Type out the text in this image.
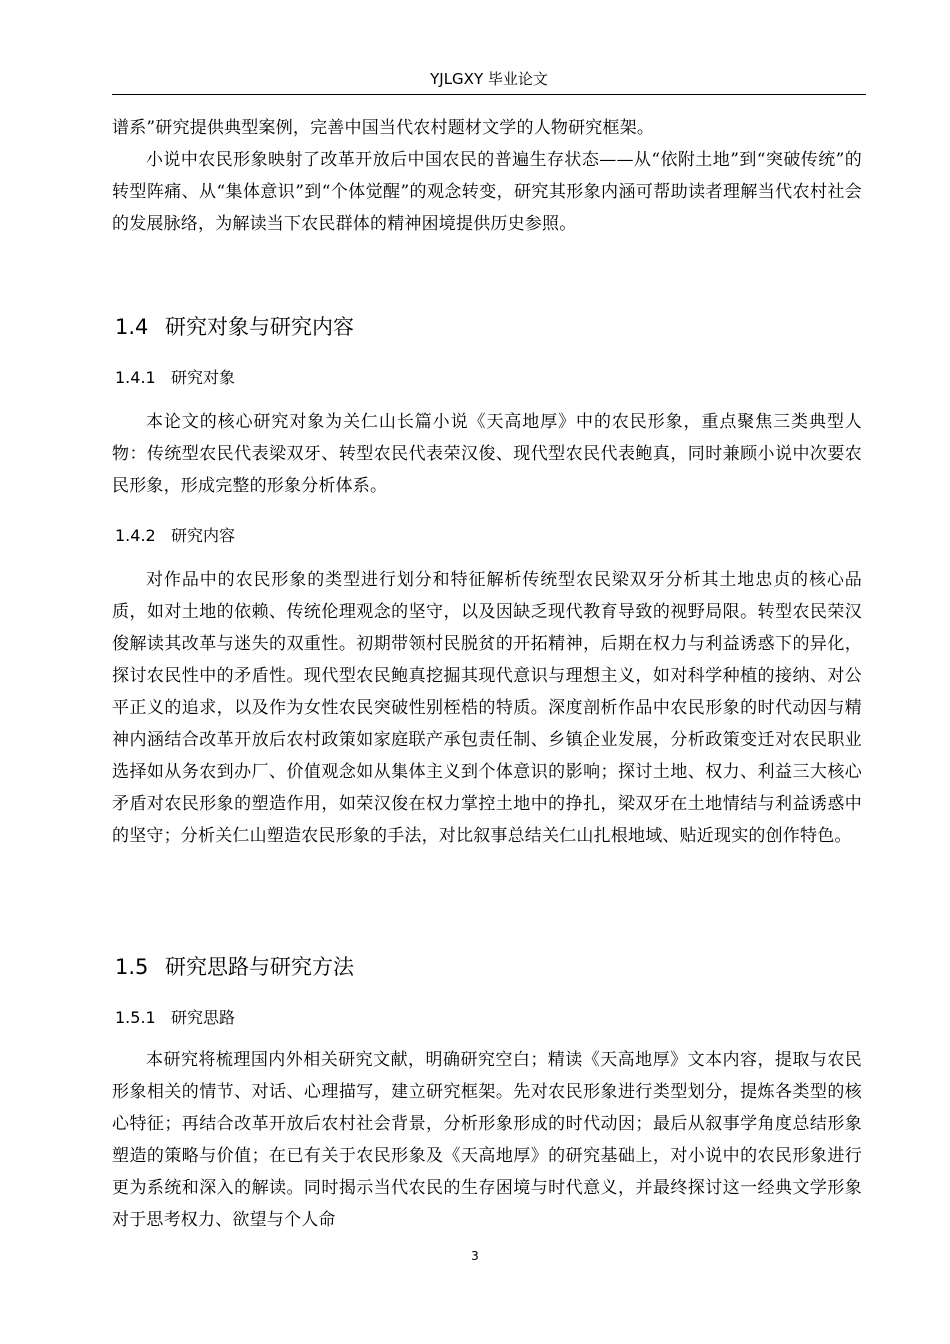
YJLGXY 毕业论文

谱系”研究提供典型案例，完善中国当代农村题材文学的人物研究框架。

小说中农民形象映射了改革开放后中国农民的普遍生存状态——从“依附土地”到“突破传统”的转型阵痛、从“集体意识”到“个体觉醒”的观念转变，研究其形象内涵可帮助读者理解当代农村社会的发展脉络，为解读当下农民群体的精神困境提供历史参照。

1.4 研究对象与研究内容
1.4.1 研究对象

本论文的核心研究对象为关仁山长篇小说《天高地厚》中的农民形象，重点聚焦三类典型人物：传统型农民代表梁双牙、转型农民代表荣汉俊、现代型农民代表鲍真，同时兼顾小说中次要农民形象，形成完整的形象分析体系。

1.4.2 研究内容

对作品中的农民形象的类型进行划分和特征解析传统型农民梁双牙分析其土地忠贞的核心品质，如对土地的依赖、传统伦理观念的坚守，以及因缺乏现代教育导致的视野局限。转型农民荣汉俊解读其改革与迷失的双重性。初期带领村民脱贫的开拓精神，后期在权力与利益诱惑下的异化，探讨农民性中的矛盾性。现代型农民鲍真挖掘其现代意识与理想主义，如对科学种植的接纳、对公平正义的追求，以及作为女性农民突破性别桎梏的特质。深度剖析作品中农民形象的时代动因与精神内涵结合改革开放后农村政策如家庭联产承包责任制、乡镇企业发展，分析政策变迁对农民职业选择如从务农到办厂、价值观念如从集体主义到个体意识的影响；探讨土地、权力、利益三大核心矛盾对农民形象的塑造作用，如荣汉俊在权力掌控土地中的挣扎，梁双牙在土地情结与利益诱惑中的坚守；分析关仁山塑造农民形象的手法，对比叙事总结关仁山扎根地域、贴近现实的创作特色。

1.5 研究思路与研究方法
1.5.1 研究思路

本研究将梳理国内外相关研究文献，明确研究空白；精读《天高地厚》文本内容，提取与农民形象相关的情节、对话、心理描写，建立研究框架。先对农民形象进行类型划分，提炼各类型的核心特征；再结合改革开放后农村社会背景，分析形象形成的时代动因；最后从叙事学角度总结形象塑造的策略与价值；在已有关于农民形象及《天高地厚》的研究基础上，对小说中的农民形象进行更为系统和深入的解读。同时揭示当代农民的生存困境与时代意义，并最终探讨这一经典文学形象对于思考权力、欲望与个人命

3
